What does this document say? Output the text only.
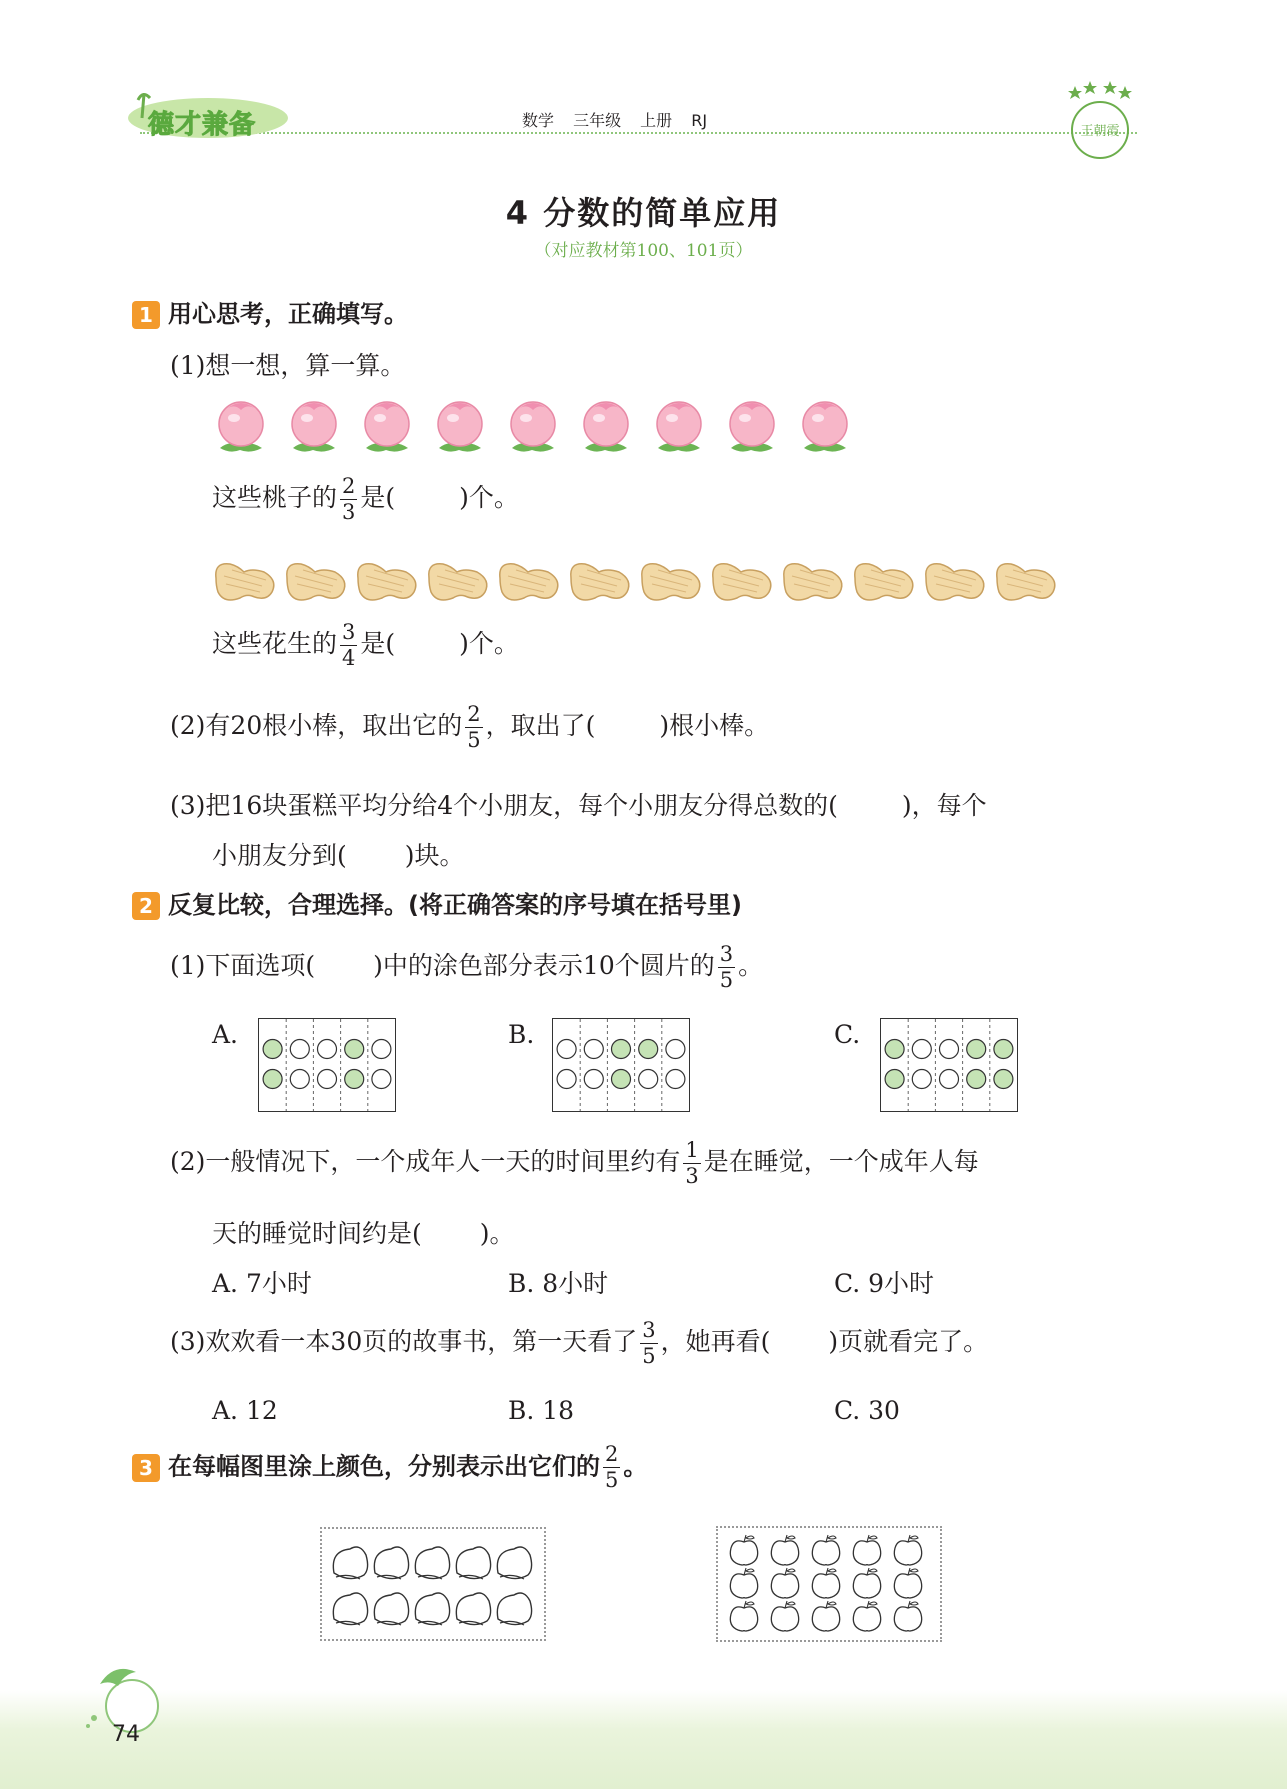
德才兼备	数学 三年级 上册 RJ
王朝霞
4 分数的简单应用
（对应教材第100、101页）
1 用心思考，正确填写。
(1)想一想，算一算。
这些桃子的 $\frac{2}{3}$ 是(	)个。
这些花生的 $\frac{3}{4}$ 是(	)个。
(2)有20根小棒，取出它的 $\frac{2}{5}$ ，取出了(	)根小棒。
(3)把16块蛋糕平均分给4个小朋友，每个小朋友分得总数的(	)，每个
小朋友分到( )块。
2 反复比较，合理选择。(将正确答案的序号填在括号里)
(1)下面选项( )中的涂色部分表示10个圆片的 $\frac{3}{5}$ 。
A.	B.	C.
(2)一般情况下，一个成年人一天的时间里约有 $\frac{1}{3}$ 是在睡觉，一个成年人每
天的睡觉时间约是( )。
A. 7小时	B. 8小时	C. 9小时
(3)欢欢看一本30页的故事书，第一天看了 $\frac{3}{5}$ ，她再看( )页就看完了。
A. 12	B. 18	C. 30
3 在每幅图里涂上颜色，分别表示出它们的 $\frac{2}{5}$ 。
74
